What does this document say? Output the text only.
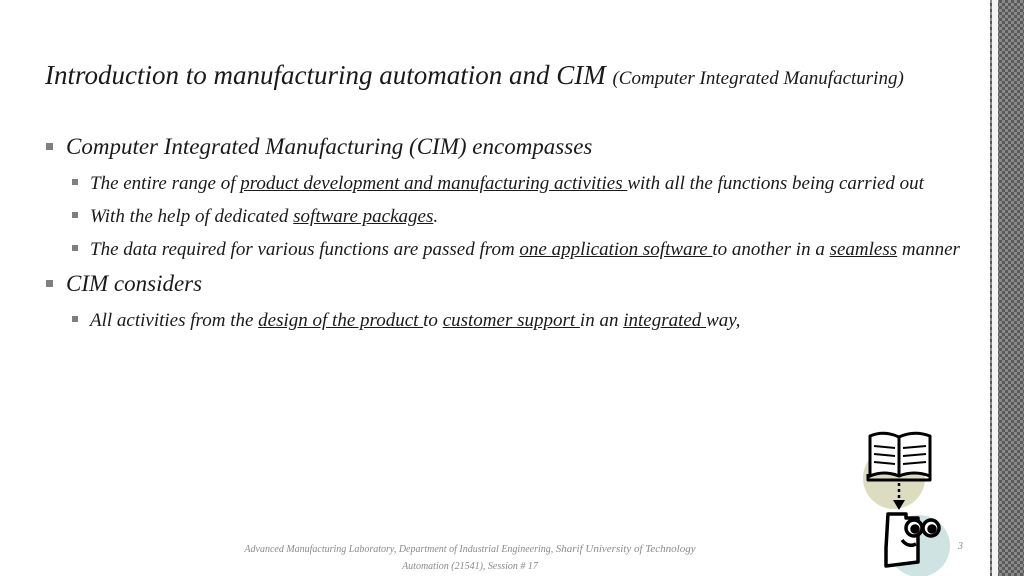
Introduction to manufacturing automation and CIM (Computer Integrated Manufacturing)
Computer Integrated Manufacturing (CIM) encompasses
The entire range of product development and manufacturing activities with all the functions being carried out
With the help of dedicated software packages.
The data required for various functions are passed from one application software to another in a seamless manner
CIM considers
All activities from the design of the product to customer support in an integrated way,
Advanced Manufacturing Laboratory, Department of Industrial Engineering, Sharif University of Technology
Automation (21541), Session # 17
3
